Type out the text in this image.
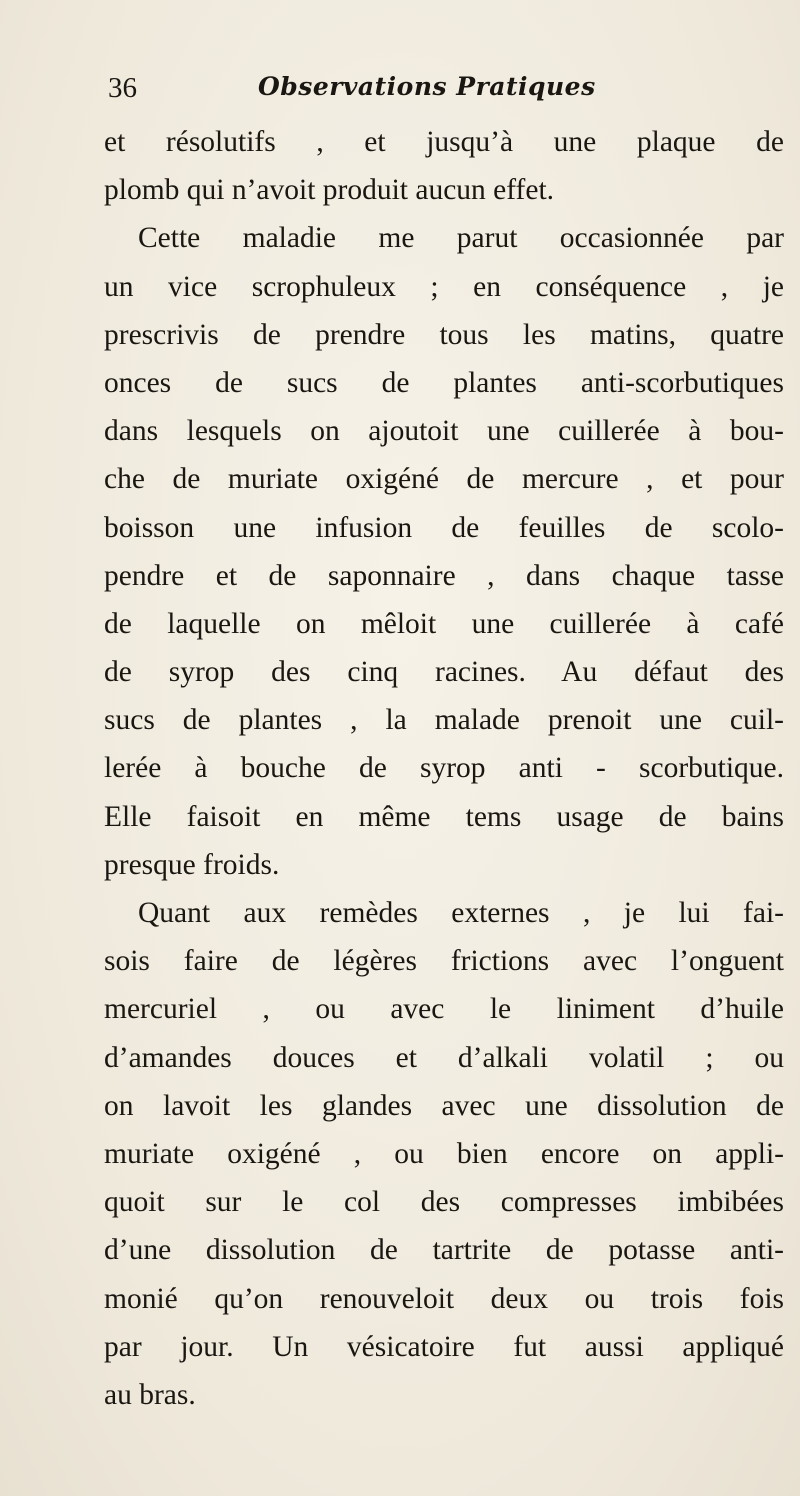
36	Observations Pratiques
et résolutifs , et jusqu’à une plaque de
plomb qui n’avoit produit aucun effet.
Cette maladie me parut occasionnée par
un vice scrophuleux ; en conséquence , je
prescrivis de prendre tous les matins, quatre
onces de sucs de plantes anti-scorbutiques
dans lesquels on ajoutoit une cuillerée à bou-
che de muriate oxigéné de mercure , et pour
boisson une infusion de feuilles de scolo-
pendre et de saponnaire , dans chaque tasse
de laquelle on mêloit une cuillerée à café
de syrop des cinq racines. Au défaut des
sucs de plantes , la malade prenoit une cuil-
lerée à bouche de syrop anti - scorbutique.
Elle faisoit en même tems usage de bains
presque froids.
Quant aux remèdes externes , je lui fai-
sois faire de légères frictions avec l’onguent
mercuriel , ou avec le liniment d’huile
d’amandes douces et d’alkali volatil ; ou
on lavoit les glandes avec une dissolution de
muriate oxigéné , ou bien encore on appli-
quoit sur le col des compresses imbibées
d’une dissolution de tartrite de potasse anti-
monié qu’on renouveloit deux ou trois fois
par jour. Un vésicatoire fut aussi appliqué
au bras.
